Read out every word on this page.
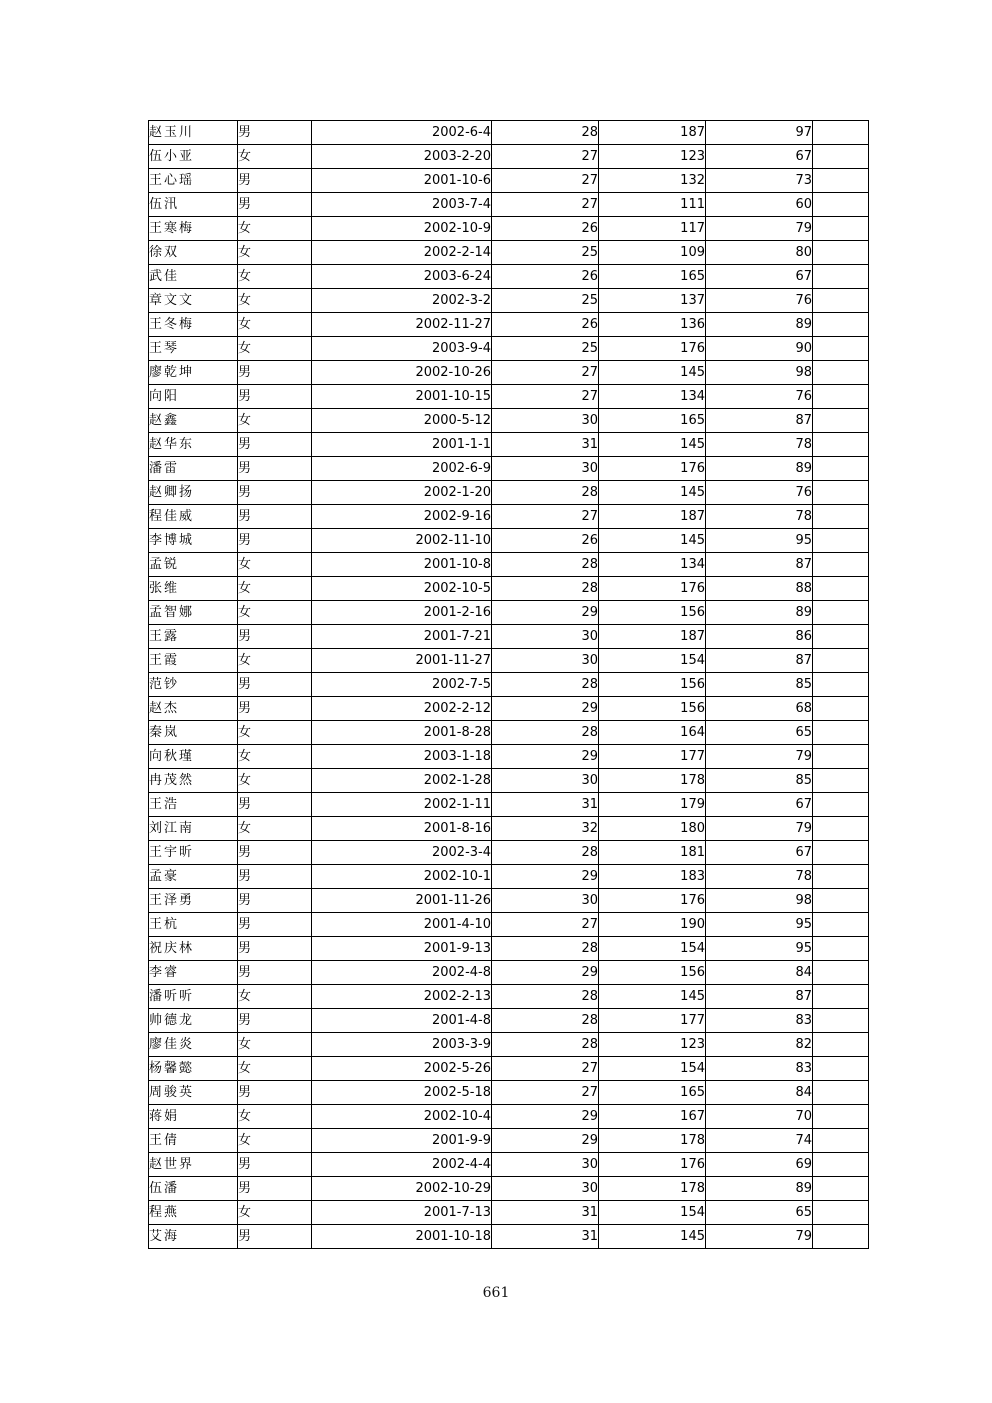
赵玉川	男	2002-6-4	28	187	97	
伍小亚	女	2003-2-20	27	123	67	
王心瑶	男	2001-10-6	27	132	73	
伍汛	男	2003-7-4	27	111	60	
王寒梅	女	2002-10-9	26	117	79	
徐双	女	2002-2-14	25	109	80	
武佳	女	2003-6-24	26	165	67	
章文文	女	2002-3-2	25	137	76	
王冬梅	女	2002-11-27	26	136	89	
王琴	女	2003-9-4	25	176	90	
廖乾坤	男	2002-10-26	27	145	98	
向阳	男	2001-10-15	27	134	76	
赵鑫	女	2000-5-12	30	165	87	
赵华东	男	2001-1-1	31	145	78	
潘雷	男	2002-6-9	30	176	89	
赵卿扬	男	2002-1-20	28	145	76	
程佳威	男	2002-9-16	27	187	78	
李博城	男	2002-11-10	26	145	95	
孟锐	女	2001-10-8	28	134	87	
张维	女	2002-10-5	28	176	88	
孟智娜	女	2001-2-16	29	156	89	
王露	男	2001-7-21	30	187	86	
王霞	女	2001-11-27	30	154	87	
范钞	男	2002-7-5	28	156	85	
赵杰	男	2002-2-12	29	156	68	
秦岚	女	2001-8-28	28	164	65	
向秋瑾	女	2003-1-18	29	177	79	
冉茂然	女	2002-1-28	30	178	85	
王浩	男	2002-1-11	31	179	67	
刘江南	女	2001-8-16	32	180	79	
王宇昕	男	2002-3-4	28	181	67	
孟豪	男	2002-10-1	29	183	78	
王泽勇	男	2001-11-26	30	176	98	
王杭	男	2001-4-10	27	190	95	
祝庆林	男	2001-9-13	28	154	95	
李睿	男	2002-4-8	29	156	84	
潘听听	女	2002-2-13	28	145	87	
帅德龙	男	2001-4-8	28	177	83	
廖佳炎	女	2003-3-9	28	123	82	
杨馨懿	女	2002-5-26	27	154	83	
周骏英	男	2002-5-18	27	165	84	
蒋娟	女	2002-10-4	29	167	70	
王倩	女	2001-9-9	29	178	74	
赵世界	男	2002-4-4	30	176	69	
伍潘	男	2002-10-29	30	178	89	
程燕	女	2001-7-13	31	154	65	
艾海	男	2001-10-18	31	145	79	
661
